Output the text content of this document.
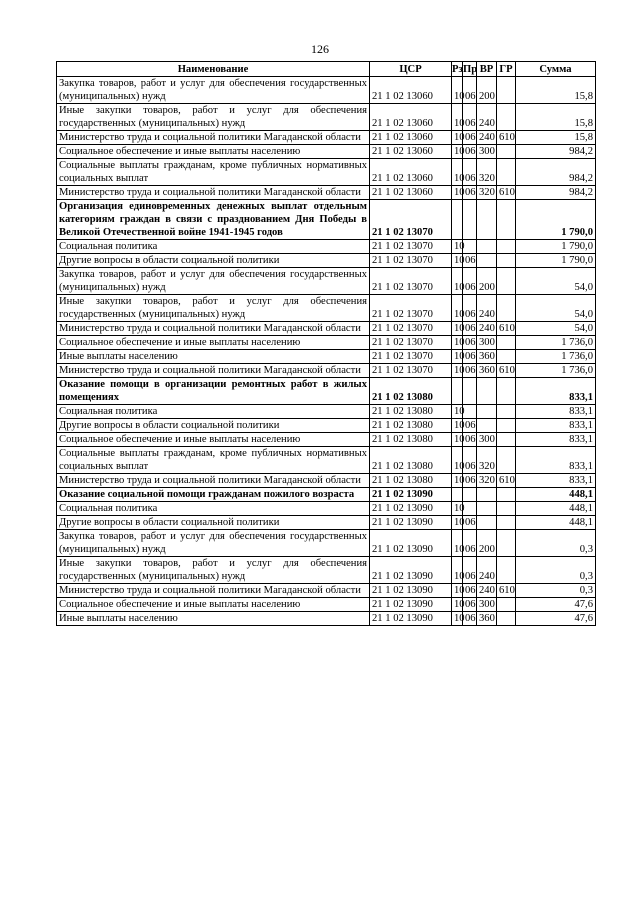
126
Наименование	ЦСР	Рз	Пр	ВР	ГР	Сумма
Закупка товаров, работ и услуг для обеспечения государственных (муниципальных) нужд	21 1 02 13060	10	06	200		15,8
Иные закупки товаров, работ и услуг для обеспечения государственных (муниципальных) нужд	21 1 02 13060	10	06	240		15,8
Министерство труда и социальной политики Магаданской области	21 1 02 13060	10	06	240	610	15,8
Социальное обеспечение и иные выплаты населению	21 1 02 13060	10	06	300		984,2
Социальные выплаты гражданам, кроме публичных нормативных социальных выплат	21 1 02 13060	10	06	320		984,2
Министерство труда и социальной политики Магаданской области	21 1 02 13060	10	06	320	610	984,2
Организация единовременных денежных выплат отдельным категориям граждан в связи с празднованием Дня Победы в Великой Отечественной войне 1941-1945 годов	21 1 02 13070					1 790,0
Социальная политика	21 1 02 13070	10				1 790,0
Другие вопросы в области социальной политики	21 1 02 13070	10	06			1 790,0
Закупка товаров, работ и услуг для обеспечения государственных (муниципальных) нужд	21 1 02 13070	10	06	200		54,0
Иные закупки товаров, работ и услуг для обеспечения государственных (муниципальных) нужд	21 1 02 13070	10	06	240		54,0
Министерство труда и социальной политики Магаданской области	21 1 02 13070	10	06	240	610	54,0
Социальное обеспечение и иные выплаты населению	21 1 02 13070	10	06	300		1 736,0
Иные выплаты населению	21 1 02 13070	10	06	360		1 736,0
Министерство труда и социальной политики Магаданской области	21 1 02 13070	10	06	360	610	1 736,0
Оказание помощи в организации ремонтных работ в жилых помещениях	21 1 02 13080					833,1
Социальная политика	21 1 02 13080	10				833,1
Другие вопросы в области социальной политики	21 1 02 13080	10	06			833,1
Социальное обеспечение и иные выплаты населению	21 1 02 13080	10	06	300		833,1
Социальные выплаты гражданам, кроме публичных нормативных социальных выплат	21 1 02 13080	10	06	320		833,1
Министерство труда и социальной политики Магаданской области	21 1 02 13080	10	06	320	610	833,1
Оказание социальной помощи гражданам пожилого возраста	21 1 02 13090					448,1
Социальная политика	21 1 02 13090	10				448,1
Другие вопросы в области социальной политики	21 1 02 13090	10	06			448,1
Закупка товаров, работ и услуг для обеспечения государственных (муниципальных) нужд	21 1 02 13090	10	06	200		0,3
Иные закупки товаров, работ и услуг для обеспечения государственных (муниципальных) нужд	21 1 02 13090	10	06	240		0,3
Министерство труда и социальной политики Магаданской области	21 1 02 13090	10	06	240	610	0,3
Социальное обеспечение и иные выплаты населению	21 1 02 13090	10	06	300		47,6
Иные выплаты населению	21 1 02 13090	10	06	360		47,6
